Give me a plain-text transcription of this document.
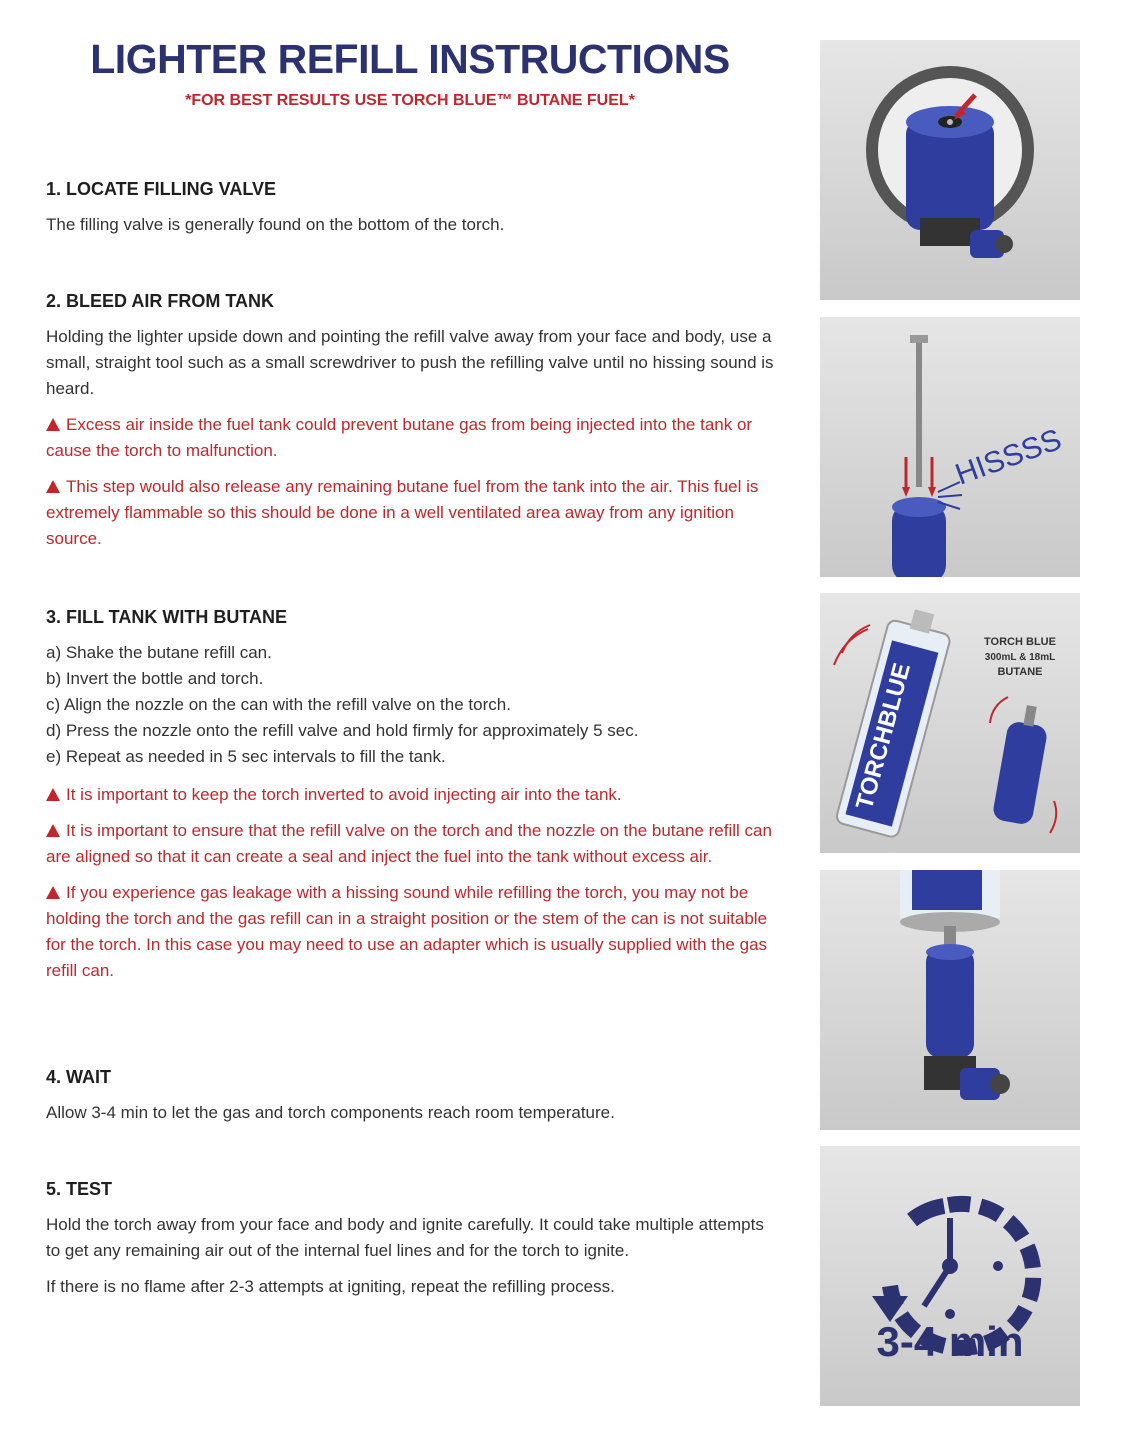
LIGHTER REFILL INSTRUCTIONS

*FOR BEST RESULTS USE TORCH BLUE™ BUTANE FUEL*

1. LOCATE FILLING VALVE

The filling valve is generally found on the bottom of the torch.

2. BLEED AIR FROM TANK

Holding the lighter upside down and pointing the refill valve away from your face and body, use a small, straight tool such as a small screwdriver to push the refilling valve until no hissing sound is heard.

Excess air inside the fuel tank could prevent butane gas from being injected into the tank or cause the torch to malfunction.

This step would also release any remaining butane fuel from the tank into the air. This fuel is extremely flammable so this should be done in a well ventilated area away from any ignition source.

3. FILL TANK WITH BUTANE
a) Shake the butane refill can.
b) Invert the bottle and torch.
c) Align the nozzle on the can with the refill valve on the torch.
d) Press the nozzle onto the refill valve and hold firmly for approximately 5 sec.
e) Repeat as needed in 5 sec intervals to fill the tank.

It is important to keep the torch inverted to avoid injecting air into the tank.

It is important to ensure that the refill valve on the torch and the nozzle on the butane refill can are aligned so that it can create a seal and inject the fuel into the tank without excess air.

If you experience gas leakage with a hissing sound while refilling the torch, you may not be holding the torch and the gas refill can in a straight position or the stem of the can is not suitable for the torch. In this case you may need to use an adapter which is usually supplied with the gas refill can.

4. WAIT

Allow 3-4 min to let the gas and torch components reach room temperature.

5. TEST

Hold the torch away from your face and body and ignite carefully. It could take multiple attempts to get any remaining air out of the internal fuel lines and for the torch to ignite.

If there is no flame after 2-3 attempts at igniting, repeat the refilling process.

HISSSS
TORCHBLUE
TORCH BLUE
300mL & 18mL
BUTANE
3-4 min
